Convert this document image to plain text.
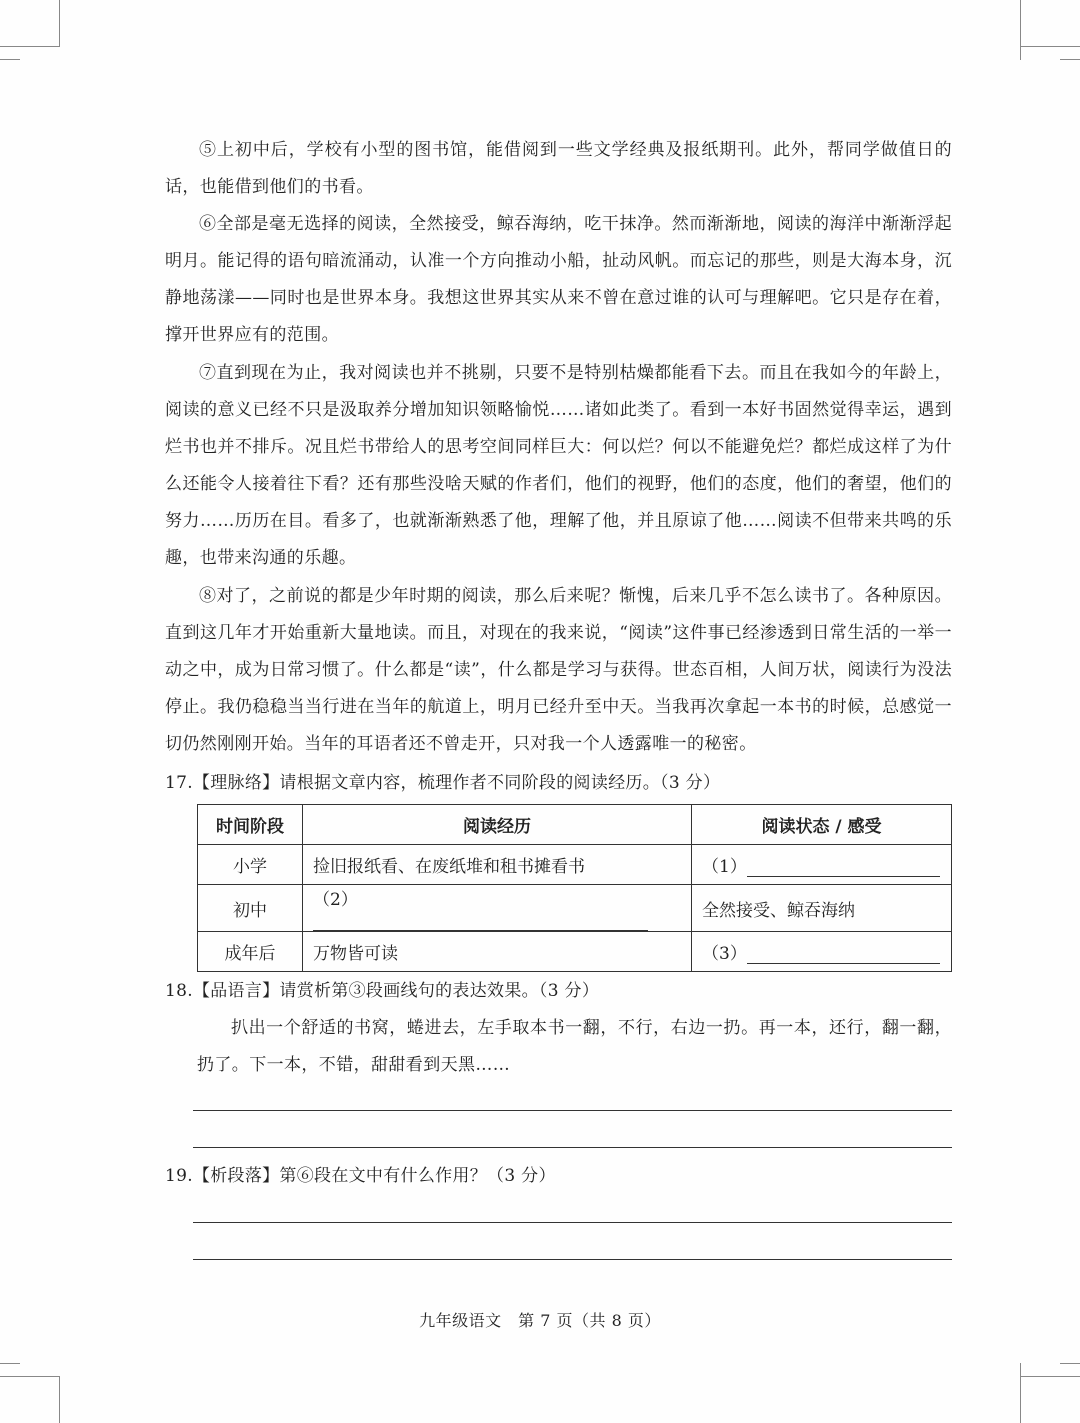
⑤上初中后，学校有小型的图书馆，能借阅到一些文学经典及报纸期刊。此外，帮同学做值日的话，也能借到他们的书看。
⑥全部是毫无选择的阅读，全然接受，鲸吞海纳，吃干抹净。然而渐渐地，阅读的海洋中渐渐浮起明月。能记得的语句暗流涌动，认准一个方向推动小船，扯动风帆。而忘记的那些，则是大海本身，沉静地荡漾——同时也是世界本身。我想这世界其实从来不曾在意过谁的认可与理解吧。它只是存在着，撑开世界应有的范围。
⑦直到现在为止，我对阅读也并不挑剔，只要不是特别枯燥都能看下去。而且在我如今的年龄上，阅读的意义已经不只是汲取养分增加知识领略愉悦……诸如此类了。看到一本好书固然觉得幸运，遇到烂书也并不排斥。况且烂书带给人的思考空间同样巨大：何以烂？何以不能避免烂？都烂成这样了为什么还能令人接着往下看？还有那些没啥天赋的作者们，他们的视野，他们的态度，他们的奢望，他们的努力……历历在目。看多了，也就渐渐熟悉了他，理解了他，并且原谅了他……阅读不但带来共鸣的乐趣，也带来沟通的乐趣。
⑧对了，之前说的都是少年时期的阅读，那么后来呢？惭愧，后来几乎不怎么读书了。各种原因。直到这几年才开始重新大量地读。而且，对现在的我来说，“阅读”这件事已经渗透到日常生活的一举一动之中，成为日常习惯了。什么都是“读”，什么都是学习与获得。世态百相，人间万状，阅读行为没法停止。我仍稳稳当当行进在当年的航道上，明月已经升至中天。当我再次拿起一本书的时候，总感觉一切仍然刚刚开始。当年的耳语者还不曾走开，只对我一个人透露唯一的秘密。
17.【理脉络】请根据文章内容，梳理作者不同阶段的阅读经历。（3 分）
时间阶段	阅读经历	阅读状态 / 感受
小学	捡旧报纸看、在废纸堆和租书摊看书	（1）
初中	（2）	全然接受、鲸吞海纳
成年后	万物皆可读	（3）
18.【品语言】请赏析第③段画线句的表达效果。（3 分）
扒出一个舒适的书窝，蜷进去，左手取本书一翻，不行，右边一扔。再一本，还行，翻一翻，扔了。下一本，不错，甜甜看到天黑……
19.【析段落】第⑥段在文中有什么作用？（3 分）
九年级语文　第 7 页（共 8 页）
